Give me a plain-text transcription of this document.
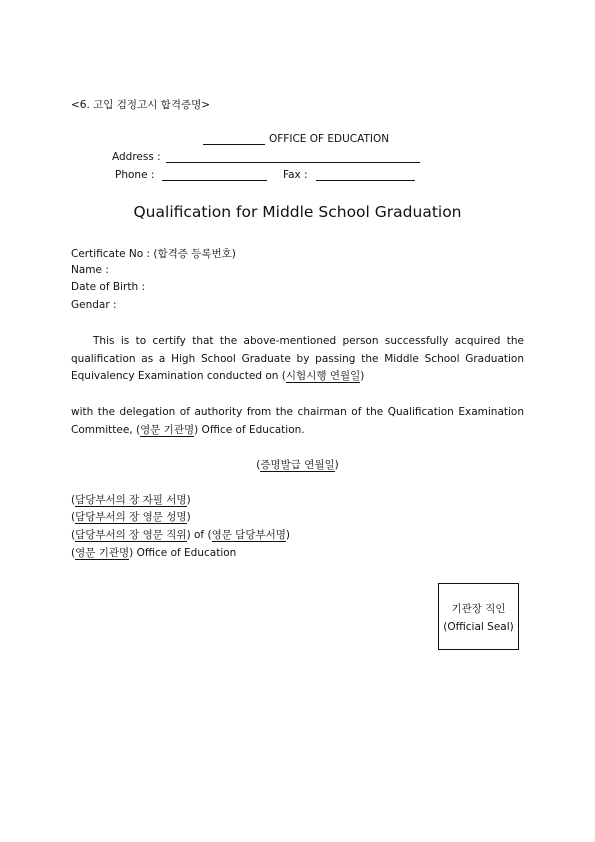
<6. 고입 검정고시 합격증명>
OFFICE OF EDUCATION
Address :
Phone :	Fax :
Qualification for Middle School Graduation
Certificate No : (합격증 등록번호)
Name :
Date of Birth :
Gendar :
This is to certify that the above-mentioned person successfully acquired the qualification as a High School Graduate by passing the Middle School Graduation Equivalency Examination conducted on (시험시행 연월일)
with the delegation of authority from the chairman of the Qualification Examination Committee, (영문 기관명) Office of Education.
(증명발급 연월일)
(담당부서의 장 자필 서명)
(담당부서의 장 영문 성명)
(담당부서의 장 영문 직위) of (영문 담당부서명)
(영문 기관명) Office of Education
기관장 직인
(Official Seal)
